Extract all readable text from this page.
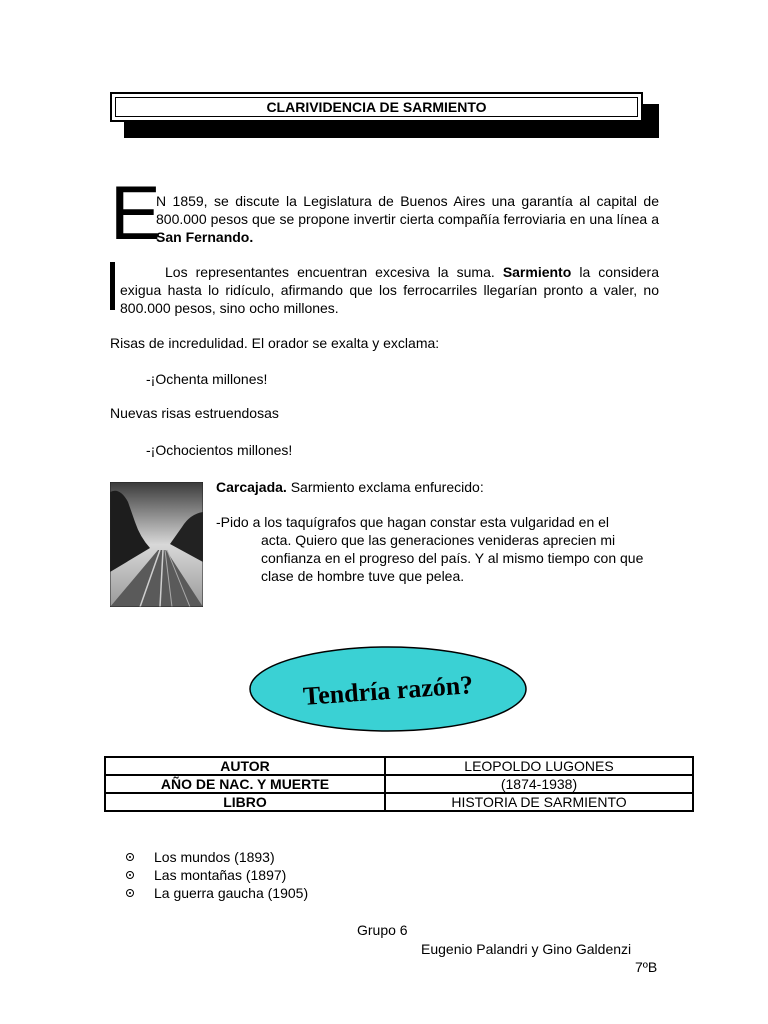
CLARIVIDENCIA DE SARMIENTO
E
N 1859, se discute la Legislatura de Buenos Aires una garantía al capital de 800.000 pesos que se propone invertir cierta compañía ferroviaria en una línea a San Fernando.
Los representantes encuentran excesiva la suma. Sarmiento la considera exigua hasta lo ridículo, afirmando que los ferrocarriles llegarían pronto a valer, no 800.000 pesos, sino ocho millones.
Risas de incredulidad. El orador se exalta y exclama:
-¡Ochenta millones!
Nuevas risas estruendosas
-¡Ochocientos millones!
Carcajada. Sarmiento exclama enfurecido:
-Pido a los taquígrafos que hagan constar esta vulgaridad en el
acta. Quiero que las generaciones venideras aprecien mi confianza en el progreso del país. Y al mismo tiempo con que clase de hombre tuve que pelea.
Tendría razón?
AUTOR	LEOPOLDO LUGONES
AÑO DE NAC. Y MUERTE	(1874-1938)
LIBRO	HISTORIA DE SARMIENTO
Los mundos (1893)
Las montañas (1897)
La guerra gaucha (1905)
Grupo 6
Eugenio Palandri y Gino Galdenzi
7ºB
